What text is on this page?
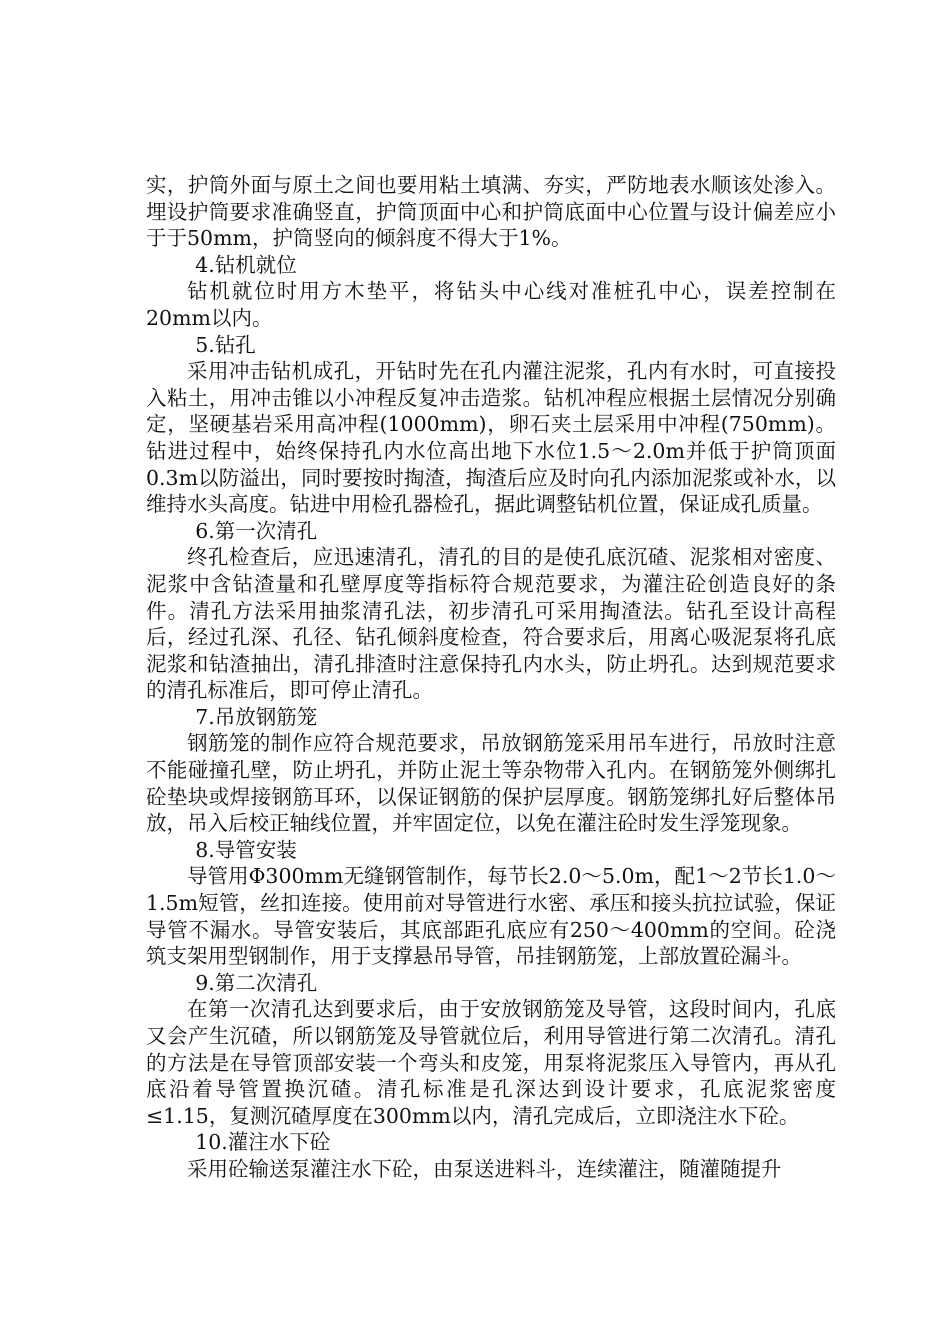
实，护筒外面与原土之间也要用粘土填满、夯实，严防地表水顺该处渗入。埋设护筒要求准确竖直，护筒顶面中心和护筒底面中心位置与设计偏差应小于于50mm，护筒竖向的倾斜度不得大于1%。

4.钻机就位

钻机就位时用方木垫平，将钻头中心线对准桩孔中心，误差控制在20mm以内。

5.钻孔

采用冲击钻机成孔，开钻时先在孔内灌注泥浆，孔内有水时，可直接投入粘土，用冲击锥以小冲程反复冲击造浆。钻机冲程应根据土层情况分别确定，坚硬基岩采用高冲程(1000mm)，卵石夹土层采用中冲程(750mm)。钻进过程中，始终保持孔内水位高出地下水位1.5～2.0m并低于护筒顶面0.3m以防溢出，同时要按时掏渣，掏渣后应及时向孔内添加泥浆或补水，以维持水头高度。钻进中用检孔器检孔，据此调整钻机位置，保证成孔质量。

6.第一次清孔

终孔检查后，应迅速清孔，清孔的目的是使孔底沉碴、泥浆相对密度、泥浆中含钻渣量和孔壁厚度等指标符合规范要求，为灌注砼创造良好的条件。清孔方法采用抽浆清孔法，初步清孔可采用掏渣法。钻孔至设计高程后，经过孔深、孔径、钻孔倾斜度检查，符合要求后，用离心吸泥泵将孔底泥浆和钻渣抽出，清孔排渣时注意保持孔内水头，防止坍孔。达到规范要求的清孔标准后，即可停止清孔。

7.吊放钢筋笼

钢筋笼的制作应符合规范要求，吊放钢筋笼采用吊车进行，吊放时注意不能碰撞孔壁，防止坍孔，并防止泥土等杂物带入孔内。在钢筋笼外侧绑扎砼垫块或焊接钢筋耳环，以保证钢筋的保护层厚度。钢筋笼绑扎好后整体吊放，吊入后校正轴线位置，并牢固定位，以免在灌注砼时发生浮笼现象。

8.导管安装

导管用Φ300mm无缝钢管制作，每节长2.0～5.0m，配1～2节长1.0～1.5m短管，丝扣连接。使用前对导管进行水密、承压和接头抗拉试验，保证导管不漏水。导管安装后，其底部距孔底应有250～400mm的空间。砼浇筑支架用型钢制作，用于支撑悬吊导管，吊挂钢筋笼，上部放置砼漏斗。

9.第二次清孔

在第一次清孔达到要求后，由于安放钢筋笼及导管，这段时间内，孔底又会产生沉碴，所以钢筋笼及导管就位后，利用导管进行第二次清孔。清孔的方法是在导管顶部安装一个弯头和皮笼，用泵将泥浆压入导管内，再从孔底沿着导管置换沉碴。清孔标准是孔深达到设计要求，孔底泥浆密度≤1.15，复测沉碴厚度在300mm以内，清孔完成后，立即浇注水下砼。

10.灌注水下砼

采用砼输送泵灌注水下砼，由泵送进料斗，连续灌注，随灌随提升
